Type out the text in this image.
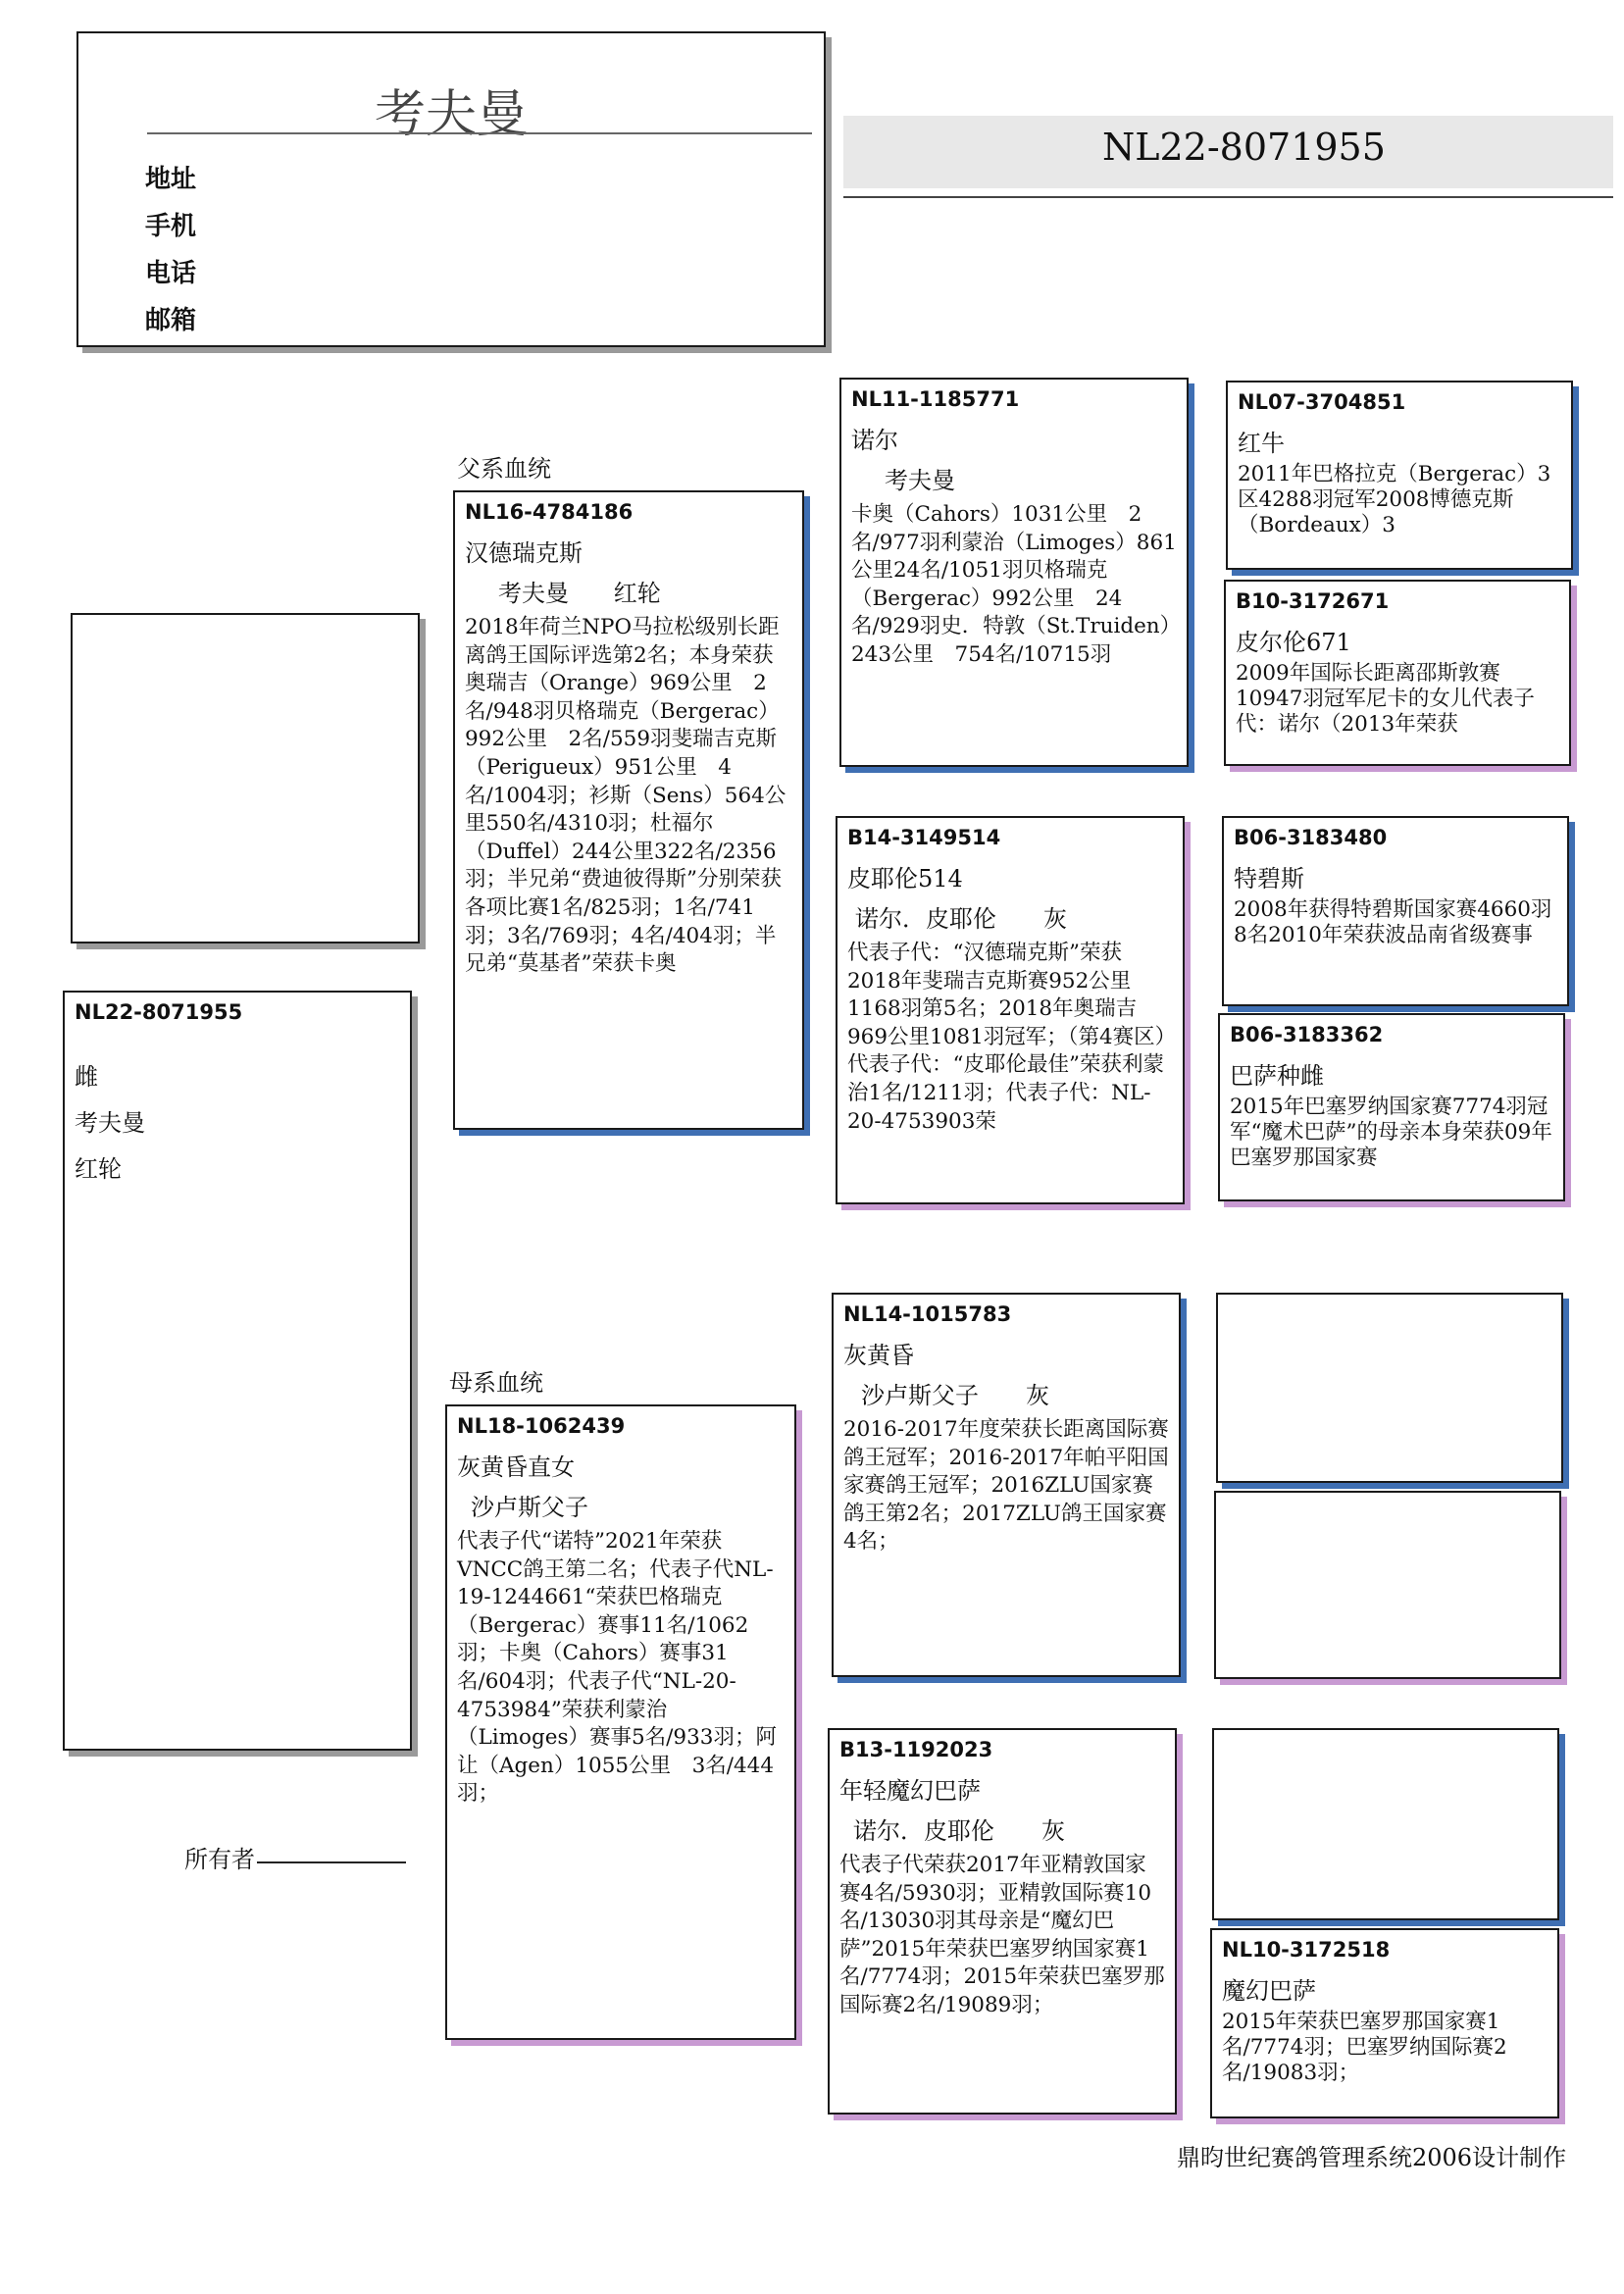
考夫曼
地址
手机
电话
邮箱
NL22-8071955
NL22-8071955
雌
考夫曼
红轮
父系血统
母系血统
NL16-4784186
汉德瑞克斯
考夫曼      红轮
2018年荷兰NPO马拉松级别长距离鸽王国际评选第2名；本身荣获奥瑞吉（Orange）969公里　2名/948羽贝格瑞克（Bergerac）992公里　2名/559羽斐瑞吉克斯（Perigueux）951公里　4名/1004羽；衫斯（Sens）564公里550名/4310羽；杜福尔（Duffel）244公里322名/2356羽；半兄弟“费迪彼得斯”分别荣获各项比赛1名/825羽；1名/741羽；3名/769羽；4名/404羽；半兄弟“莫基者”荣获卡奥
NL18-1062439
灰黄昏直女
沙卢斯父子
代表子代“诺特”2021年荣获VNCC鸽王第二名；代表子代NL-19-1244661“荣获巴格瑞克（Bergerac）赛事11名/1062羽；卡奥（Cahors）赛事31名/604羽；代表子代“NL-20-4753984”荣获利蒙治（Limoges）赛事5名/933羽；阿让（Agen）1055公里　3名/444羽；
NL11-1185771
诺尔
考夫曼
卡奥（Cahors）1031公里　2名/977羽利蒙治（Limoges）861公里24名/1051羽贝格瑞克（Bergerac）992公里　24名/929羽史．特敦（St.Truiden）243公里　754名/10715羽
B14-3149514
皮耶伦514
诺尔．皮耶伦　　灰
代表子代：“汉德瑞克斯”荣获2018年斐瑞吉克斯赛952公里1168羽第5名；2018年奥瑞吉969公里1081羽冠军；（第4赛区）代表子代：“皮耶伦最佳”荣获利蒙治1名/1211羽；代表子代：NL-20-4753903荣
NL14-1015783
灰黄昏
沙卢斯父子　　灰
2016-2017年度荣获长距离国际赛鸽王冠军；2016-2017年帕平阳国家赛鸽王冠军；2016ZLU国家赛鸽王第2名；2017ZLU鸽王国家赛4名；
B13-1192023
年轻魔幻巴萨
诺尔．皮耶伦　　灰
代表子代荣获2017年亚精敦国家赛4名/5930羽；亚精敦国际赛10名/13030羽其母亲是“魔幻巴萨”2015年荣获巴塞罗纳国家赛1名/7774羽；2015年荣获巴塞罗那国际赛2名/19089羽；
NL07-3704851
红牛
2011年巴格拉克（Bergerac）3区4288羽冠军2008博德克斯（Bordeaux）3
B10-3172671
皮尔伦671
2009年国际长距离邵斯敦赛10947羽冠军尼卡的女儿代表子代：诺尔（2013年荣获
B06-3183480
特碧斯
2008年获得特碧斯国家赛4660羽8名2010年荣获波品南省级赛事
B06-3183362
巴萨种雌
2015年巴塞罗纳国家赛7774羽冠军“魔术巴萨”的母亲本身荣获09年巴塞罗那国家赛
NL10-3172518
魔幻巴萨
2015年荣获巴塞罗那国家赛1名/7774羽；巴塞罗纳国际赛2名/19083羽；
所有者
鼎昀世纪赛鸽管理系统2006设计制作
